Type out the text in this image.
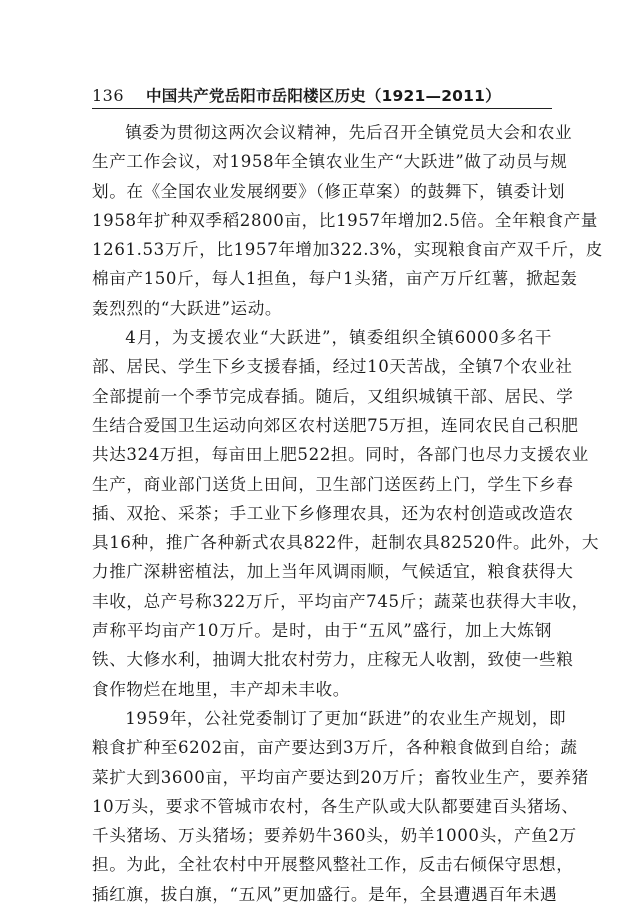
136 中国共产党岳阳市岳阳楼区历史（1921—2011）

镇委为贯彻这两次会议精神，先后召开全镇党员大会和农业
生产工作会议，对1958年全镇农业生产“大跃进”做了动员与规
划。在《全国农业发展纲要》（修正草案）的鼓舞下，镇委计划
1958年扩种双季稻2800亩，比1957年增加2.5倍。全年粮食产量
1261.53万斤，比1957年增加322.3%，实现粮食亩产双千斤，皮
棉亩产150斤，每人1担鱼，每户1头猪，亩产万斤红薯，掀起轰
轰烈烈的“大跃进”运动。

4月，为支援农业“大跃进”，镇委组织全镇6000多名干
部、居民、学生下乡支援春插，经过10天苦战，全镇7个农业社
全部提前一个季节完成春插。随后，又组织城镇干部、居民、学
生结合爱国卫生运动向郊区农村送肥75万担，连同农民自己积肥
共达324万担，每亩田上肥522担。同时，各部门也尽力支援农业
生产，商业部门送货上田间，卫生部门送医药上门，学生下乡春
插、双抢、采茶；手工业下乡修理农具，还为农村创造或改造农
具16种，推广各种新式农具822件，赶制农具82520件。此外，大
力推广深耕密植法，加上当年风调雨顺，气候适宜，粮食获得大
丰收，总产号称322万斤，平均亩产745斤；蔬菜也获得大丰收，
声称平均亩产10万斤。是时，由于“五风”盛行，加上大炼钢
铁、大修水利，抽调大批农村劳力，庄稼无人收割，致使一些粮
食作物烂在地里，丰产却未丰收。

1959年，公社党委制订了更加“跃进”的农业生产规划，即
粮食扩种至6202亩，亩产要达到3万斤，各种粮食做到自给；蔬
菜扩大到3600亩，平均亩产要达到20万斤；畜牧业生产，要养猪
10万头，要求不管城市农村，各生产队或大队都要建百头猪场、
千头猪场、万头猪场；要养奶牛360头，奶羊1000头，产鱼2万
担。为此，全社农村中开展整风整社工作，反击右倾保守思想，
插红旗，拔白旗，“五风”更加盛行。是年，全县遭遇百年未遇
